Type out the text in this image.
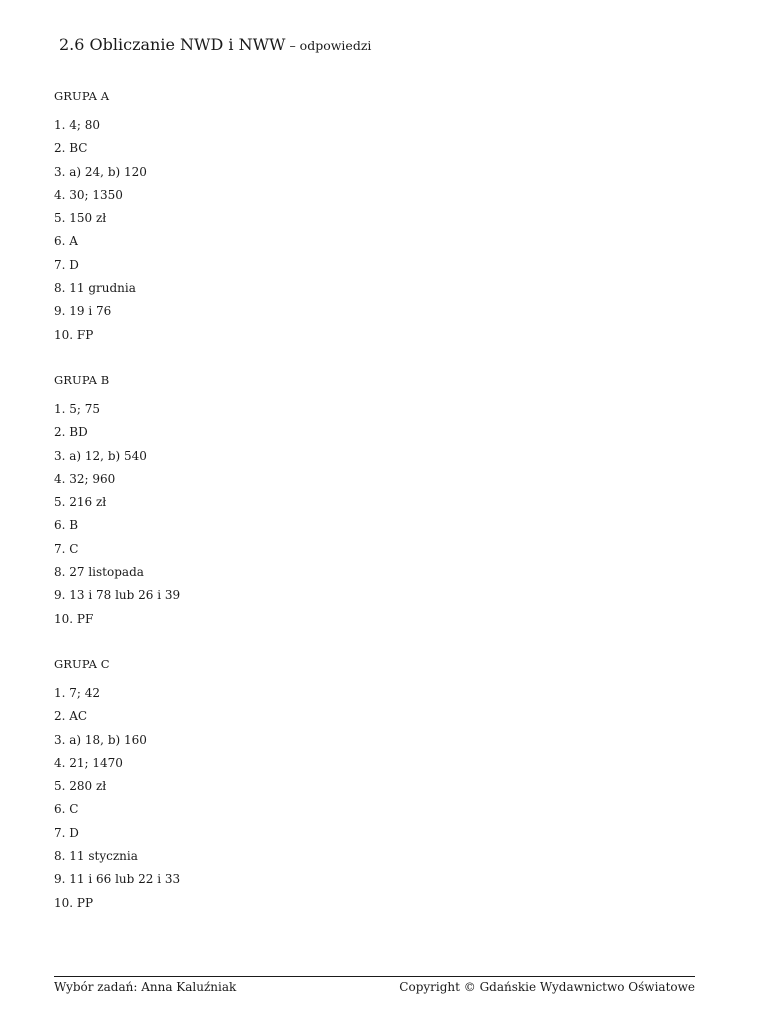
2.6 Obliczanie NWD i NWW – odpowiedzi

GRUPA A

1. 4; 80
2. BC
3. a) 24, b) 120
4. 30; 1350
5. 150 zł
6. A
7. D
8. 11 grudnia
9. 19 i 76
10. FP

GRUPA B

1. 5; 75
2. BD
3. a) 12, b) 540
4. 32; 960
5. 216 zł
6. B
7. C
8. 27 listopada
9. 13 i 78 lub 26 i 39
10. PF

GRUPA C

1. 7; 42
2. AC
3. a) 18, b) 160
4. 21; 1470
5. 280 zł
6. C
7. D
8. 11 stycznia
9. 11 i 66 lub 22 i 33
10. PP
Wybór zadań: Anna Kaluźniak	Copyright © Gdańskie Wydawnictwo Oświatowe
